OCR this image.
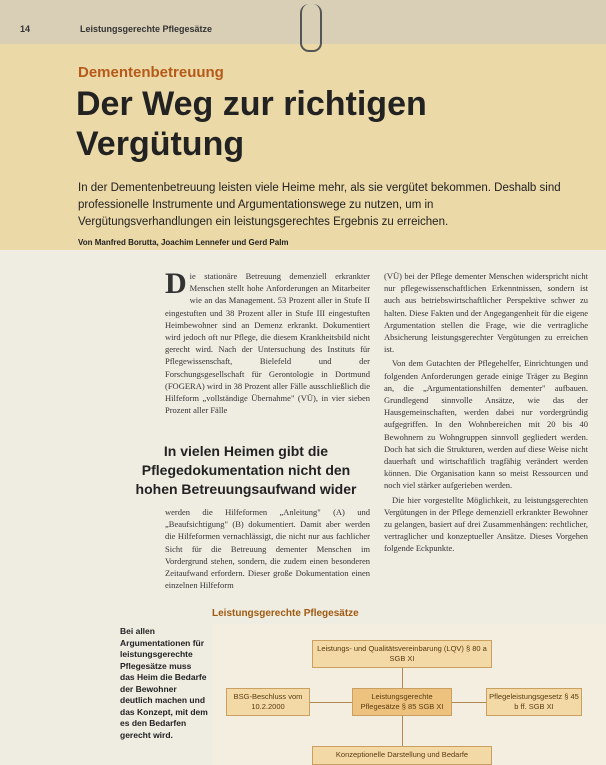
14	Leistungsgerechte Pflegesätze
Dementenbetreuung
Der Weg zur richtigen Vergütung
In der Dementenbetreuung leisten viele Heime mehr, als sie vergütet bekommen. Deshalb sind professionelle Instrumente und Argumentationswege zu nutzen, um in Vergütungsverhandlungen ein leistungsgerechtes Ergebnis zu erreichen.
Von Manfred Borutta, Joachim Lennefer und Gerd Palm

Die stationäre Betreuung demenziell erkrankter Menschen stellt hohe Anforderungen an Mitarbeiter wie an das Management. 53 Prozent aller in Stufe II eingestuften und 38 Prozent aller in Stufe III eingestuften Heimbewohner sind an Demenz erkrankt. Dokumentiert wird jedoch oft nur Pflege, die diesem Krankheitsbild nicht gerecht wird. Nach der Untersuchung des Instituts für Pflegewissenschaft, Bielefeld und der Forschungsgesellschaft für Gerontologie in Dortmund (FOGERA) wird in 38 Prozent aller Fälle ausschließlich die Hilfeform „vollständige Übernahme" (VÜ), in vier sieben Prozent aller Fälle

In vielen Heimen gibt die Pflegedokumentation nicht den hohen Betreuungsaufwand wider

werden die Hilfeformen „Anleitung" (A) und „Beaufsichtigung" (B) dokumentiert. Damit aber werden die Hilfeformen vernachlässigt, die nicht nur aus fachlicher Sicht für die Betreuung dementer Menschen im Vordergrund stehen, sondern, die zudem einen besonderen Zeitaufwand erfordern. Dieser große Dokumentation einen einzelnen Hilfeform

(VÜ) bei der Pflege dementer Menschen widerspricht nicht nur pflegewissenschaftlichen Erkenntnissen, sondern ist auch aus betriebswirtschaftlicher Perspektive schwer zu halten. Diese Fakten und der Angegangenheit für die eigene Argumentation stellen die Frage, wie die vertragliche Absicherung leistungsgerechter Vergütungen zu erreichen ist.

Von dem Gutachten der Pflegehelfer, Einrichtungen und folgenden Anforderungen gerade einige Träger zu Beginn an, die „Argumentationshilfen dementer" aufbauen. Grundlegend sinnvolle Ansätze, wie das der Hausgemeinschaften, werden dabei nur vordergründig aufgegriffen. In den Wohnbereichen mit 20 bis 40 Bewohnern zu Wohngruppen sinnvoll gegliedert werden. Doch hat sich die Strukturen, werden auf diese Weise nicht dauerhaft und wirtschaftlich tragfähig verändert werden können. Die Organisation kann so meist Ressourcen und noch viel stärker aufgerieben werden.

Die hier vorgestellte Möglichkeit, zu leistungsgerechten Vergütungen in der Pflege demenziell erkrankter Bewohner zu gelangen, basiert auf drei Zusammenhängen: rechtlicher, vertraglicher und konzeptueller Ansätze. Dieses Vorgehen folgende Eckpunkte.

Leistungsgerechte Pflegesätze
Bei allen Argumentationen für leistungsgerechte Pflegesätze muss das Heim die Bedarfe der Bewohner deutlich machen und das Konzept, mit dem es den Bedarfen gerecht wird.
Leistungs- und Qualitätsvereinbarung (LQV) § 80 a SGB XI
BSG-Beschluss vom 10.2.2000
Leistungsgerechte Pflegesätze § 85 SGB XI
Pflegeleistungsgesetz § 45 b ff. SGB XI
Konzeptionelle Darstellung und Bedarfe
